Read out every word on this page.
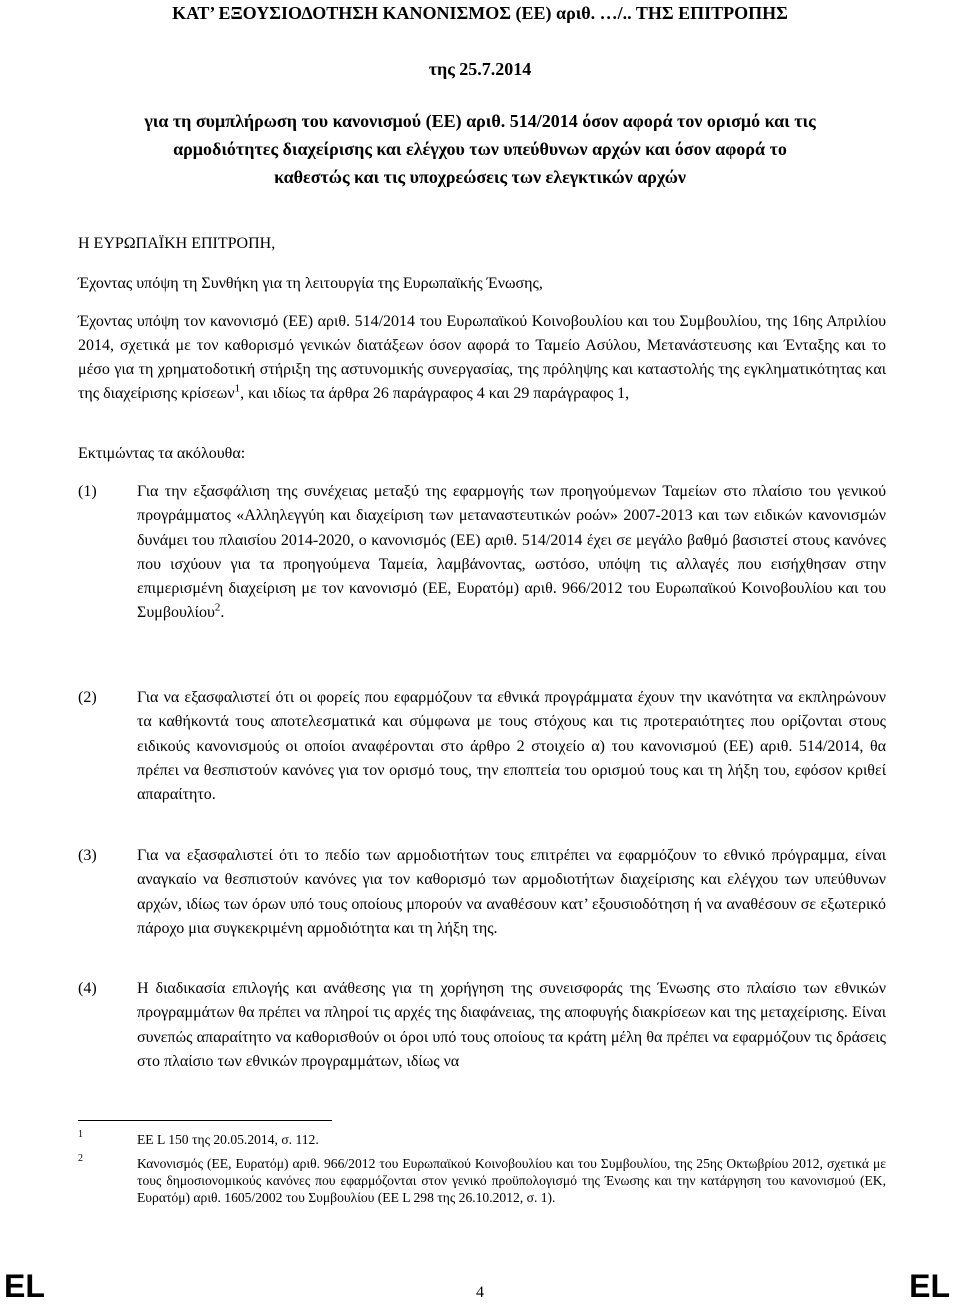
ΚΑΤ’ ΕΞΟΥΣΙΟΔΟΤΗΣΗ ΚΑΝΟΝΙΣΜΟΣ (ΕΕ) αριθ. …/.. ΤΗΣ ΕΠΙΤΡΟΠΗΣ
της 25.7.2014
για τη συμπλήρωση του κανονισμού (ΕΕ) αριθ. 514/2014 όσον αφορά τον ορισμό και τις
αρμοδιότητες διαχείρισης και ελέγχου των υπεύθυνων αρχών και όσον αφορά το
καθεστώς και τις υποχρεώσεις των ελεγκτικών αρχών
Η ΕΥΡΩΠΑΪΚΗ ΕΠΙΤΡΟΠΗ,
Έχοντας υπόψη τη Συνθήκη για τη λειτουργία της Ευρωπαϊκής Ένωσης,
Έχοντας υπόψη τον κανονισμό (ΕΕ) αριθ. 514/2014 του Ευρωπαϊκού Κοινοβουλίου και του Συμβουλίου, της 16ης Απριλίου 2014, σχετικά με τον καθορισμό γενικών διατάξεων όσον αφορά το Ταμείο Ασύλου, Μετανάστευσης και Ένταξης και το μέσο για τη χρηματοδοτική στήριξη της αστυνομικής συνεργασίας, της πρόληψης και καταστολής της εγκληματικότητας και της διαχείρισης κρίσεων$^1$, και ιδίως τα άρθρα 26 παράγραφος 4 και 29 παράγραφος 1,
Εκτιμώντας τα ακόλουθα:
(1)	Για την εξασφάλιση της συνέχειας μεταξύ της εφαρμογής των προηγούμενων Ταμείων στο πλαίσιο του γενικού προγράμματος «Αλληλεγγύη και διαχείριση των μεταναστευτικών ροών» 2007-2013 και των ειδικών κανονισμών δυνάμει του πλαισίου 2014-2020, ο κανονισμός (ΕΕ) αριθ. 514/2014 έχει σε μεγάλο βαθμό βασιστεί στους κανόνες που ισχύουν για τα προηγούμενα Ταμεία, λαμβάνοντας, ωστόσο, υπόψη τις αλλαγές που εισήχθησαν στην επιμερισμένη διαχείριση με τον κανονισμό (ΕΕ, Ευρατόμ) αριθ. 966/2012 του Ευρωπαϊκού Κοινοβουλίου και του Συμβουλίου$^2$.
(2)	Για να εξασφαλιστεί ότι οι φορείς που εφαρμόζουν τα εθνικά προγράμματα έχουν την ικανότητα να εκπληρώνουν τα καθήκοντά τους αποτελεσματικά και σύμφωνα με τους στόχους και τις προτεραιότητες που ορίζονται στους ειδικούς κανονισμούς οι οποίοι αναφέρονται στο άρθρο 2 στοιχείο α) του κανονισμού (ΕΕ) αριθ. 514/2014, θα πρέπει να θεσπιστούν κανόνες για τον ορισμό τους, την εποπτεία του ορισμού τους και τη λήξη του, εφόσον κριθεί απαραίτητο.
(3)	Για να εξασφαλιστεί ότι το πεδίο των αρμοδιοτήτων τους επιτρέπει να εφαρμόζουν το εθνικό πρόγραμμα, είναι αναγκαίο να θεσπιστούν κανόνες για τον καθορισμό των αρμοδιοτήτων διαχείρισης και ελέγχου των υπεύθυνων αρχών, ιδίως των όρων υπό τους οποίους μπορούν να αναθέσουν κατ’ εξουσιοδότηση ή να αναθέσουν σε εξωτερικό πάροχο μια συγκεκριμένη αρμοδιότητα και τη λήξη της.
(4)	Η διαδικασία επιλογής και ανάθεσης για τη χορήγηση της συνεισφοράς της Ένωσης στο πλαίσιο των εθνικών προγραμμάτων θα πρέπει να πληροί τις αρχές της διαφάνειας, της αποφυγής διακρίσεων και της μεταχείρισης. Είναι συνεπώς απαραίτητο να καθορισθούν οι όροι υπό τους οποίους τα κράτη μέλη θα πρέπει να εφαρμόζουν τις δράσεις στο πλαίσιο των εθνικών προγραμμάτων, ιδίως να
1	ΕΕ L 150 της 20.05.2014, σ. 112.
2	Κανονισμός (ΕΕ, Ευρατόμ) αριθ. 966/2012 του Ευρωπαϊκού Κοινοβουλίου και του Συμβουλίου, της 25ης Οκτωβρίου 2012, σχετικά με τους δημοσιονομικούς κανόνες που εφαρμόζονται στον γενικό προϋπολογισμό της Ένωσης και την κατάργηση του κανονισμού (ΕΚ, Ευρατόμ) αριθ. 1605/2002 του Συμβουλίου (ΕΕ L 298 της 26.10.2012, σ. 1).
EL	4	EL
